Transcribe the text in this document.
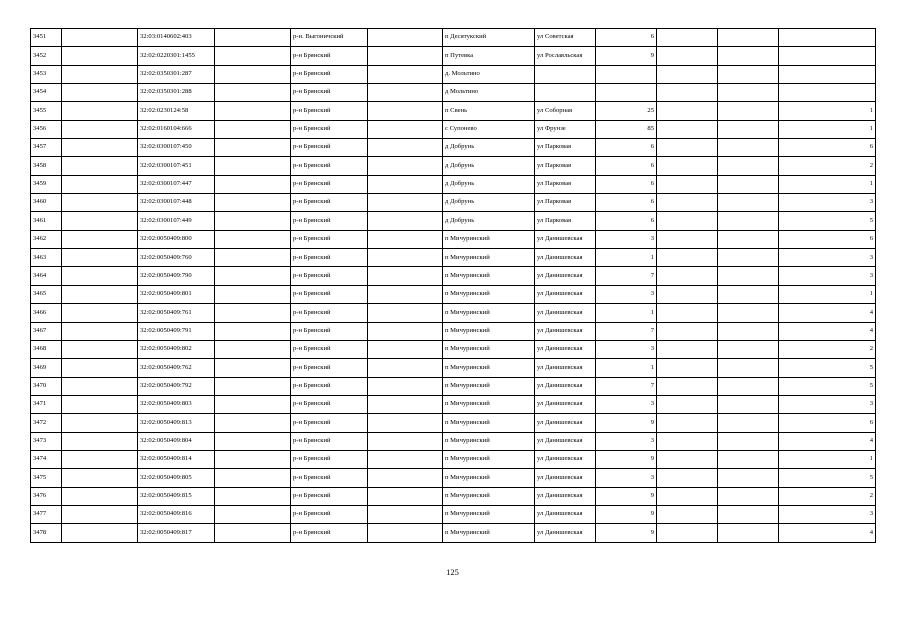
3451		32:03:0140602:403		р-н. Выгоничский		п Десятукский	ул Советская	6			
3452		32:02:0220301:1455		р-н Брянский		п Путевка	ул Рославльская	9			
3453		32:02:0350301:287		р-н Брянский		д. Мольтино					
3454		32:02:0350301:288		р-н Брянский		д Мольтино					
3455		32:02:0230124:58		р-н Брянский		п Свень	ул Соборная	25			1
3456		32:02:0160104:666		р-н Брянский		с Супонево	ул Фрунзе	85			1
3457		32:02:0300107:450		р-н Брянский		д Добрунь	ул Парковая	6			6
3458		32:02:0300107:451		р-н Брянский		д Добрунь	ул Парковая	6			2
3459		32:02:0300107:447		р-н Брянский		д Добрунь	ул Парковая	6			1
3460		32:02:0300107:448		р-н Брянский		д Добрунь	ул Парковая	6			3
3461		32:02:0300107:449		р-н Брянский		д Добрунь	ул Парковая	6			5
3462		32:02:0050409:800		р-н Брянский		п Мичуринский	ул Данишевская	3			6
3463		32:02:0050409:760		р-н Брянский		п Мичуринский	ул Данишевская	1			3
3464		32:02:0050409:790		р-н Брянский		п Мичуринский	ул Данишевская	7			3
3465		32:02:0050409:801		р-н Брянский		п Мичуринский	ул Данишевская	3			1
3466		32:02:0050409:761		р-н Брянский		п Мичуринский	ул Данишевская	1			4
3467		32:02:0050409:791		р-н Брянский		п Мичуринский	ул Данишевская	7			4
3468		32:02:0050409:802		р-н Брянский		п Мичуринский	ул Данишевская	3			2
3469		32:02:0050409:762		р-н Брянский		п Мичуринский	ул Данишевская	1			5
3470		32:02:0050409:792		р-н Брянский		п Мичуринский	ул Данишевская	7			5
3471		32:02:0050409:803		р-н Брянский		п Мичуринский	ул Данишевская	3			3
3472		32:02:0050409:813		р-н Брянский		п Мичуринский	ул Данишевская	9			6
3473		32:02:0050409:804		р-н Брянский		п Мичуринский	ул Данишевская	3			4
3474		32:02:0050409:814		р-н Брянский		п Мичуринский	ул Данишевская	9			1
3475		32:02:0050409:805		р-н Брянский		п Мичуринский	ул Данишевская	3			5
3476		32:02:0050409:815		р-н Брянский		п Мичуринский	ул Данишевская	9			2
3477		32:02:0050409:816		р-н Брянский		п Мичуринский	ул Данишевская	9			3
3478		32:02:0050409:817		р-н Брянский		п Мичуринский	ул Данишевская	9			4
125
